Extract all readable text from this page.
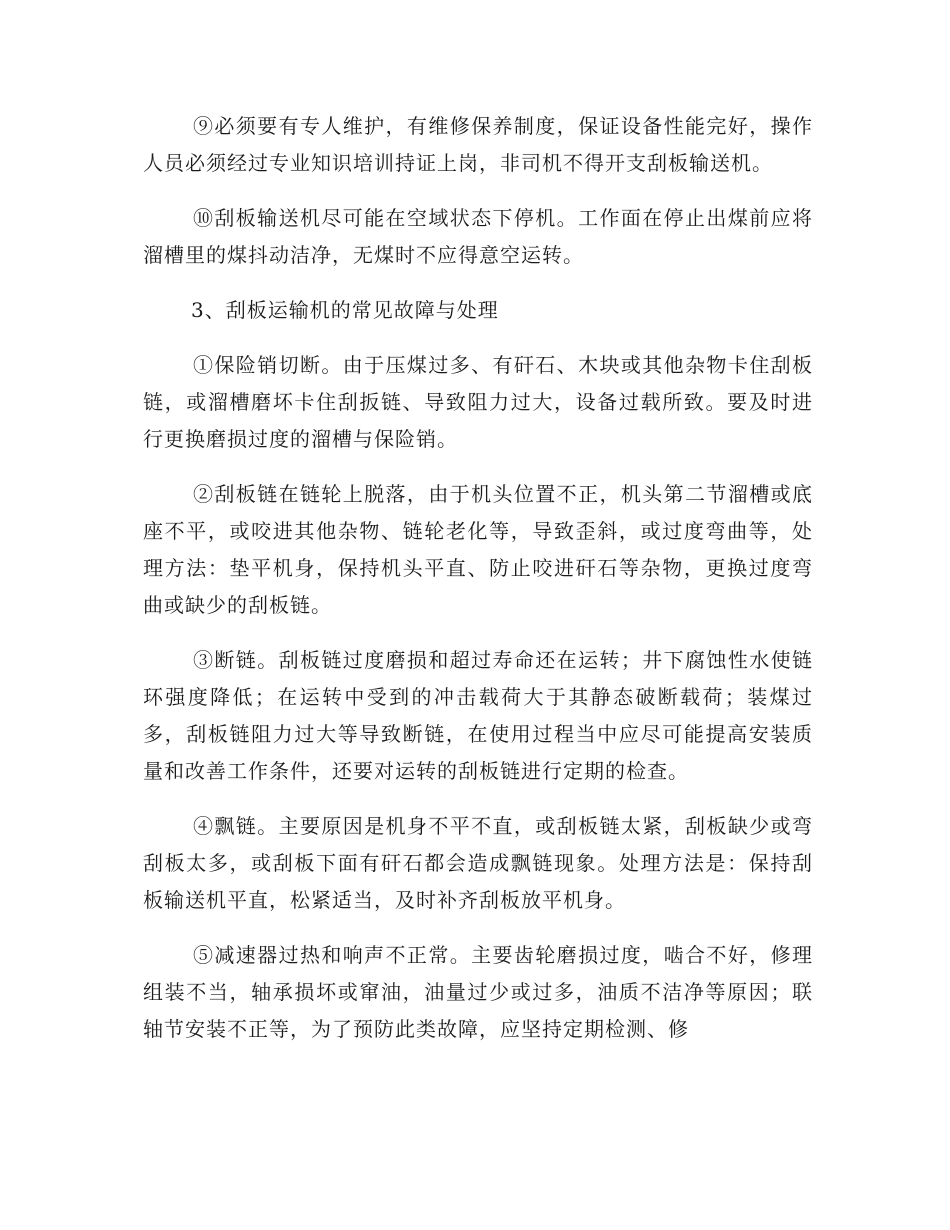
⑨必须要有专人维护，有维修保养制度，保证设备性能完好，操作人员必须经过专业知识培训持证上岗，非司机不得开支刮板输送机。

⑩刮板输送机尽可能在空域状态下停机。工作面在停止出煤前应将溜槽里的煤抖动洁净，无煤时不应得意空运转。

3、刮板运输机的常见故障与处理

①保险销切断。由于压煤过多、有矸石、木块或其他杂物卡住刮板链，或溜槽磨坏卡住刮扳链、导致阻力过大，设备过载所致。要及时进行更换磨损过度的溜槽与保险销。

②刮板链在链轮上脱落，由于机头位置不正，机头第二节溜槽或底座不平，或咬进其他杂物、链轮老化等，导致歪斜，或过度弯曲等，处理方法：垫平机身，保持机头平直、防止咬进矸石等杂物，更换过度弯曲或缺少的刮板链。

③断链。刮板链过度磨损和超过寿命还在运转；井下腐蚀性水使链环强度降低；在运转中受到的冲击载荷大于其静态破断载荷；装煤过多，刮板链阻力过大等导致断链，在使用过程当中应尽可能提高安装质量和改善工作条件，还要对运转的刮板链进行定期的检查。

④飘链。主要原因是机身不平不直，或刮板链太紧，刮板缺少或弯刮板太多，或刮板下面有矸石都会造成飘链现象。处理方法是：保持刮板输送机平直，松紧适当，及时补齐刮板放平机身。

⑤减速器过热和响声不正常。主要齿轮磨损过度，啮合不好，修理组装不当，轴承损坏或窜油，油量过少或过多，油质不洁净等原因；联轴节安装不正等，为了预防此类故障，应坚持定期检测、修
